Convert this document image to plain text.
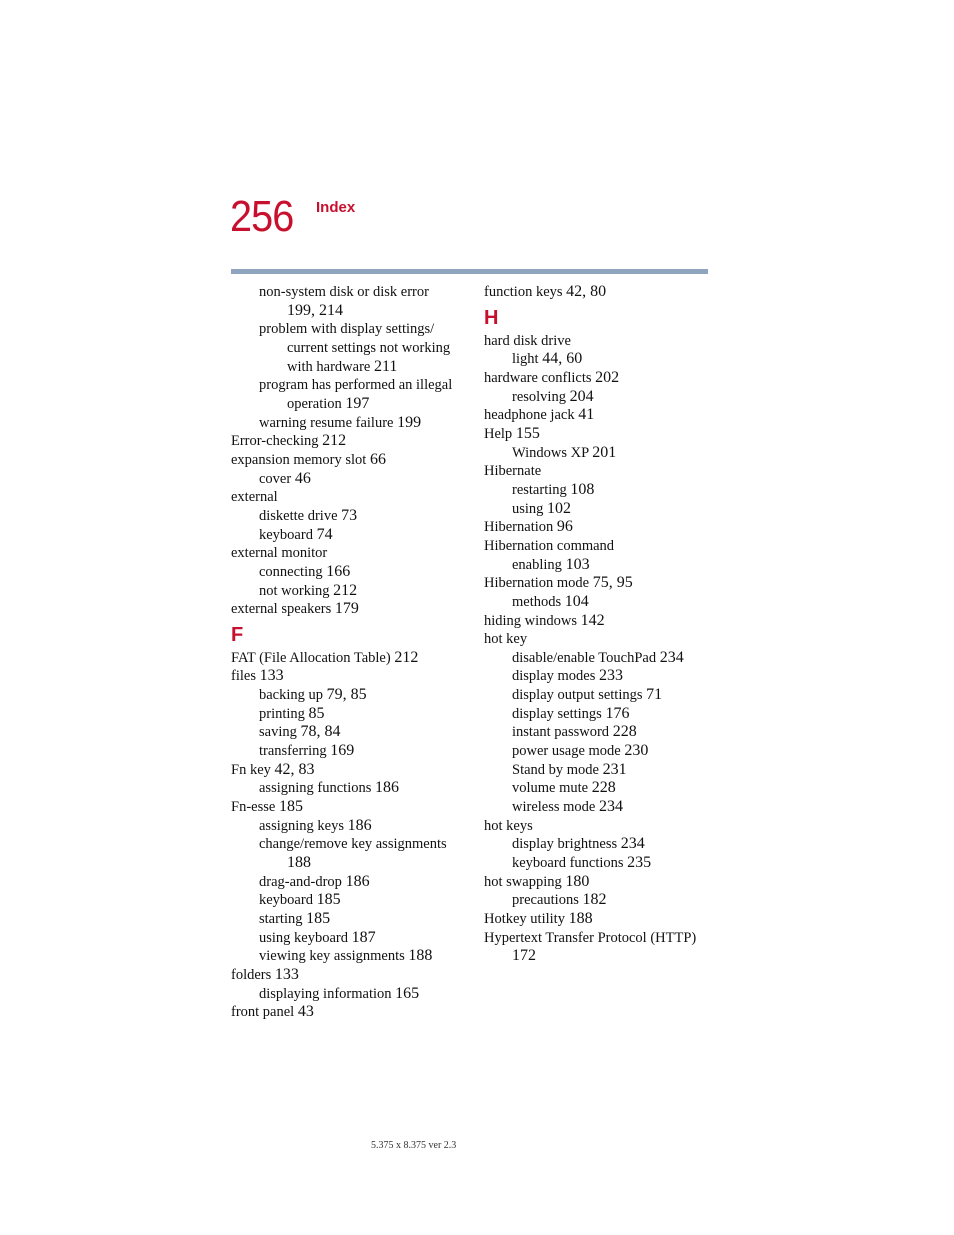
256 Index
non-system disk or disk error
199, 214
problem with display settings/
current settings not working
with hardware 211
program has performed an illegal
operation 197
warning resume failure 199
Error-checking 212
expansion memory slot 66
cover 46
external
diskette drive 73
keyboard 74
external monitor
connecting 166
not working 212
external speakers 179
F
FAT (File Allocation Table) 212
files 133
backing up 79, 85
printing 85
saving 78, 84
transferring 169
Fn key 42, 83
assigning functions 186
Fn-esse 185
assigning keys 186
change/remove key assignments
188
drag-and-drop 186
keyboard 185
starting 185
using keyboard 187
viewing key assignments 188
folders 133
displaying information 165
front panel 43
function keys 42, 80
H
hard disk drive
light 44, 60
hardware conflicts 202
resolving 204
headphone jack 41
Help 155
Windows XP 201
Hibernate
restarting 108
using 102
Hibernation 96
Hibernation command
enabling 103
Hibernation mode 75, 95
methods 104
hiding windows 142
hot key
disable/enable TouchPad 234
display modes 233
display output settings 71
display settings 176
instant password 228
power usage mode 230
Stand by mode 231
volume mute 228
wireless mode 234
hot keys
display brightness 234
keyboard functions 235
hot swapping 180
precautions 182
Hotkey utility 188
Hypertext Transfer Protocol (HTTP)
172
5.375 x 8.375 ver 2.3
